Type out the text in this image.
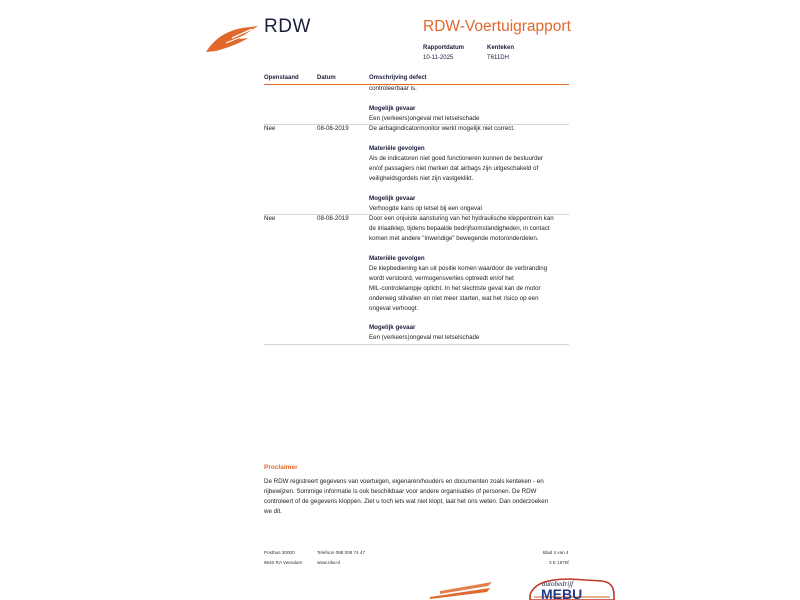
RDW	RDW-Voertuigrapport
Rapportdatum
10-11-2025
Kenteken
T611DH
Openstaand	Datum	Omschrijving defect
controleerbaar is.
Mogelijk gevaar
Een (verkeers)ongeval met letselschade
Nee	08-08-2019	De airbagindicatormonitor werkt mogelijk niet correct.
Materiële gevolgen
Als de indicatoren niet goed functioneren kunnen de bestuurder
en/of passagiers niet merken dat airbags zijn uitgeschakeld of
veiligheidsgordels niet zijn vastgeklikt.
Mogelijk gevaar
Verhoogde kans op letsel bij een ongeval
Nee	08-08-2019	Door een onjuiste aansturing van het hydraulische kleppentrein kan
de inlaatklep, tijdens bepaalde bedrijfsomstandigheden, in contact
komen met andere "inwendige" bewegende motoronderdelen.
Materiële gevolgen
De klepbediening kan uit positie komen waardoor de verbranding
wordt verstoord, vermogensverlies optreedt en/of het
MIL-controlelampje oplicht. In het slechtste geval kan de motor
onderweg stilvallen en niet meer starten, wat het risico op een
ongeval verhoogt.
Mogelijk gevaar
Een (verkeers)ongeval met letselschade
Proclaimer
De RDW registreert gegevens van voertuigen, eigenaren/houders en documenten zoals kenteken - en
rijbewijzen. Sommige informatie is ook beschikbaar voor andere organisaties of personen. De RDW
controleert of de gegevens kloppen. Ziet u toch iets wat niet klopt, laat het ons weten. Dan onderzoeken
we dit.
Postbus 30000
9640 RA Veendam
Telefoon 088 008 74 47
www.rdw.nl
Blad 4 van 4
3 E 1675f
autobedrijf
MEBU
